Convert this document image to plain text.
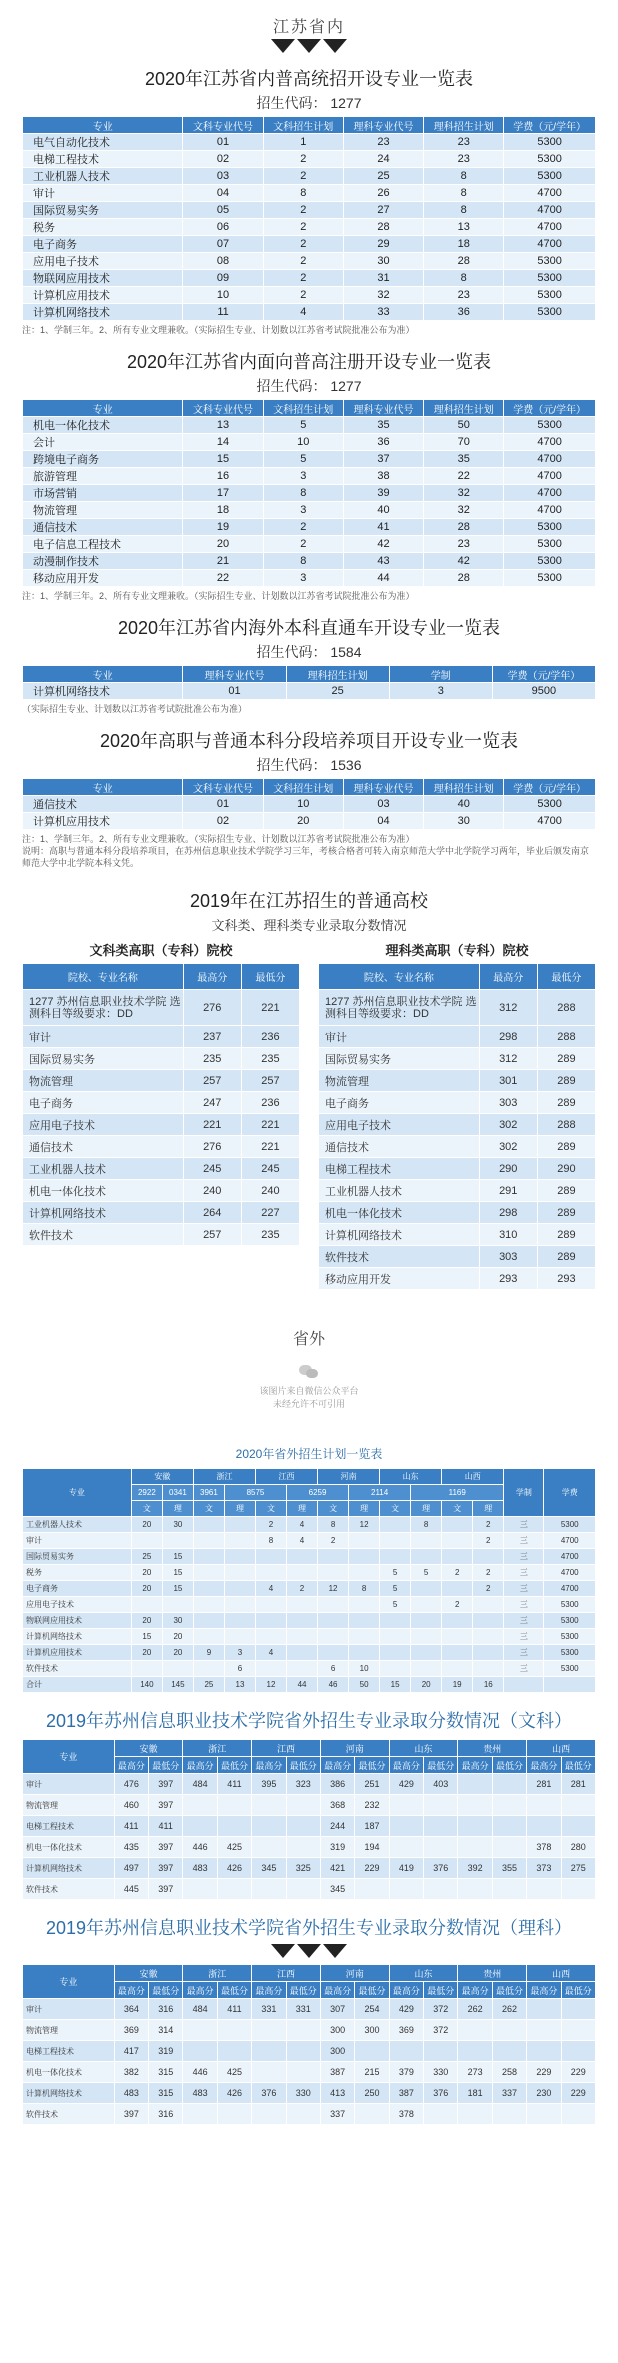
江苏省内
2020年江苏省内普高统招开设专业一览表
招生代码： 1277
专业	文科专业代号	文科招生计划	理科专业代号	理科招生计划	学费（元/学年）
电气自动化技术	01	1	23	23	5300
电梯工程技术	02	2	24	23	5300
工业机器人技术	03	2	25	8	5300
审计	04	8	26	8	4700
国际贸易实务	05	2	27	8	4700
税务	06	2	28	13	4700
电子商务	07	2	29	18	4700
应用电子技术	08	2	30	28	5300
物联网应用技术	09	2	31	8	5300
计算机应用技术	10	2	32	23	5300
计算机网络技术	11	4	33	36	5300
注：1、学制三年。2、所有专业文理兼收。（实际招生专业、计划数以江苏省考试院批准公布为准）
2020年江苏省内面向普高注册开设专业一览表
招生代码： 1277
专业	文科专业代号	文科招生计划	理科专业代号	理科招生计划	学费（元/学年）
机电一体化技术	13	5	35	50	5300
会计	14	10	36	70	4700
跨境电子商务	15	5	37	35	4700
旅游管理	16	3	38	22	4700
市场营销	17	8	39	32	4700
物流管理	18	3	40	32	4700
通信技术	19	2	41	28	5300
电子信息工程技术	20	2	42	23	5300
动漫制作技术	21	8	43	42	5300
移动应用开发	22	3	44	28	5300
注：1、学制三年。2、所有专业文理兼收。（实际招生专业、计划数以江苏省考试院批准公布为准）
2020年江苏省内海外本科直通车开设专业一览表
招生代码： 1584
专业	理科专业代号	理科招生计划	学制	学费（元/学年）
计算机网络技术	01	25	3	9500
（实际招生专业、计划数以江苏省考试院批准公布为准）
2020年高职与普通本科分段培养项目开设专业一览表
招生代码： 1536
专业	文科专业代号	文科招生计划	理科专业代号	理科招生计划	学费（元/学年）
通信技术	01	10	03	40	5300
计算机应用技术	02	20	04	30	4700
注：1、学制三年。2、所有专业文理兼收。（实际招生专业、计划数以江苏省考试院批准公布为准）
说明：高职与普通本科分段培养项目，在苏州信息职业技术学院学习三年，考核合格者可转入南京师范大学中北学院学习两年，毕业后颁发南京师范大学中北学院本科文凭。
2019年在江苏招生的普通高校
文科类、理科类专业录取分数情况
文科类高职（专科）院校
院校、专业名称	最高分	最低分
1277 苏州信息职业技术学院 选测科目等级要求：DD	276	221
审计	237	236
国际贸易实务	235	235
物流管理	257	257
电子商务	247	236
应用电子技术	221	221
通信技术	276	221
工业机器人技术	245	245
机电一体化技术	240	240
计算机网络技术	264	227
软件技术	257	235
理科类高职（专科）院校
院校、专业名称	最高分	最低分
1277 苏州信息职业技术学院 选测科目等级要求：DD	312	288
审计	298	288
国际贸易实务	312	289
物流管理	301	289
电子商务	303	289
应用电子技术	302	288
通信技术	302	289
电梯工程技术	290	290
工业机器人技术	291	289
机电一体化技术	298	289
计算机网络技术	310	289
软件技术	303	289
移动应用开发	293	293
省外
该图片来自微信公众平台
未经允许不可引用
2020年省外招生计划一览表
专业	安徽		浙江		江西		河南		山东		山西		学制	学费
	2922	0341	3961	8575		6259		2114		1169				
	文	理	文	理	文	理	文	理	文	理	文	理		
工业机器人技术	20	30			2	4	8	12		8		2	三	5300
审计					8	4	2					2	三	4700
国际贸易实务	25	15											三	4700
税务	20	15							5	5	2	2	三	4700
电子商务	20	15			4	2	12	8	5			2	三	4700
应用电子技术									5		2		三	5300
物联网应用技术	20	30											三	5300
计算机网络技术	15	20											三	5300
计算机应用技术	20	20	9	3	4								三	5300
软件技术				6			6	10					三	5300
合计	140	145	25	13	12	44	46	50	15	20	19	16		
2019年苏州信息职业技术学院省外招生专业录取分数情况（文科）
专业	安徽		浙江		江西		河南		山东		贵州		山西	
	最高分	最低分	最高分	最低分	最高分	最低分	最高分	最低分	最高分	最低分	最高分	最低分	最高分	最低分
审计	476	397	484	411	395	323	386	251	429	403			281	281
物流管理	460	397					368	232						
电梯工程技术	411	411					244	187						
机电一体化技术	435	397	446	425			319	194					378	280
计算机网络技术	497	397	483	426	345	325	421	229	419	376	392	355	373	275
软件技术	445	397					345							
2019年苏州信息职业技术学院省外招生专业录取分数情况（理科）
专业	安徽		浙江		江西		河南		山东		贵州		山西	
	最高分	最低分	最高分	最低分	最高分	最低分	最高分	最低分	最高分	最低分	最高分	最低分	最高分	最低分
审计	364	316	484	411	331	331	307	254	429	372	262	262		
物流管理	369	314					300	300	369	372				
电梯工程技术	417	319					300							
机电一体化技术	382	315	446	425			387	215	379	330	273	258	229	229
计算机网络技术	483	315	483	426	376	330	413	250	387	376	181	337	230	229
软件技术	397	316					337		378					
